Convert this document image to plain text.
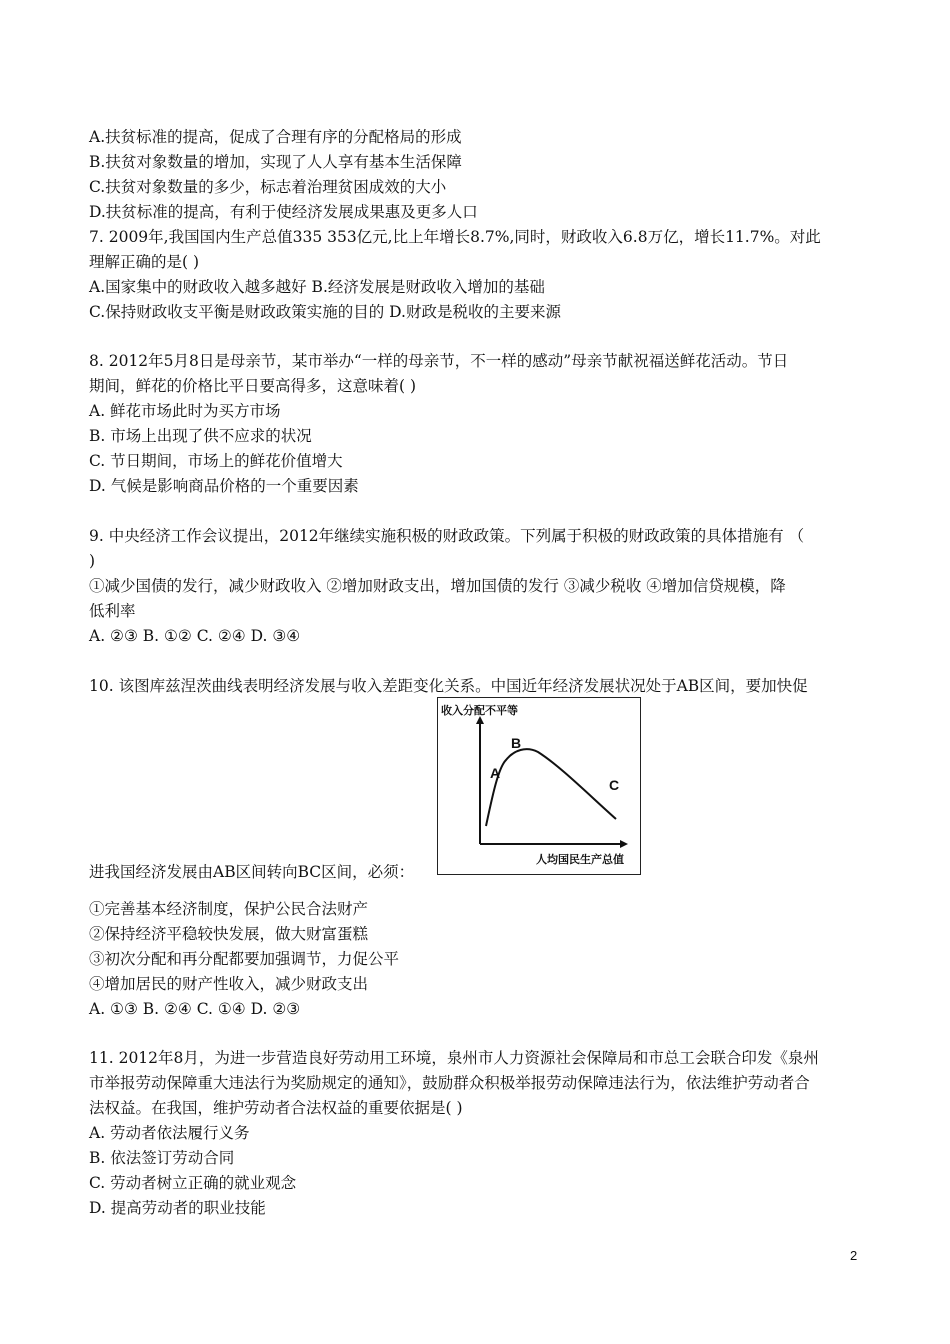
A.扶贫标准的提高，促成了合理有序的分配格局的形成
B.扶贫对象数量的增加，实现了人人享有基本生活保障
C.扶贫对象数量的多少，标志着治理贫困成效的大小
D.扶贫标准的提高，有利于使经济发展成果惠及更多人口
7. 2009年,我国国内生产总值335 353亿元,比上年增长8.7%,同时，财政收入6.8万亿，增长11.7%。对此
理解正确的是( )
A.国家集中的财政收入越多越好 B.经济发展是财政收入增加的基础
C.保持财政收支平衡是财政政策实施的目的 D.财政是税收的主要来源
8. 2012年5月8日是母亲节，某市举办“一样的母亲节，不一样的感动”母亲节献祝福送鲜花活动。节日
期间，鲜花的价格比平日要高得多，这意味着( )
A. 鲜花市场此时为买方市场
B. 市场上出现了供不应求的状况
C. 节日期间，市场上的鲜花价值增大
D. 气候是影响商品价格的一个重要因素
9. 中央经济工作会议提出，2012年继续实施积极的财政政策。下列属于积极的财政政策的具体措施有 （
)
①减少国债的发行，减少财政收入 ②增加财政支出，增加国债的发行 ③减少税收 ④增加信贷规模，降
低利率
A. ②③ B. ①② C. ②④ D. ③④
10. 该图库兹涅茨曲线表明经济发展与收入差距变化关系。中国近年经济发展状况处于AB区间，要加快促
进我国经济发展由AB区间转向BC区间，必须：
①完善基本经济制度，保护公民合法财产
②保持经济平稳较快发展，做大财富蛋糕
③初次分配和再分配都要加强调节，力促公平
④增加居民的财产性收入，减少财政支出
A. ①③ B. ②④ C. ①④ D. ②③
11. 2012年8月，为进一步营造良好劳动用工环境，泉州市人力资源社会保障局和市总工会联合印发《泉州
市举报劳动保障重大违法行为奖励规定的通知》，鼓励群众积极举报劳动保障违法行为，依法维护劳动者合
法权益。在我国，维护劳动者合法权益的重要依据是( )
A. 劳动者依法履行义务
B. 依法签订劳动合同
C. 劳动者树立正确的就业观念
D. 提高劳动者的职业技能
收入分配不平等
人均国民生产总值
A
B
C
2
